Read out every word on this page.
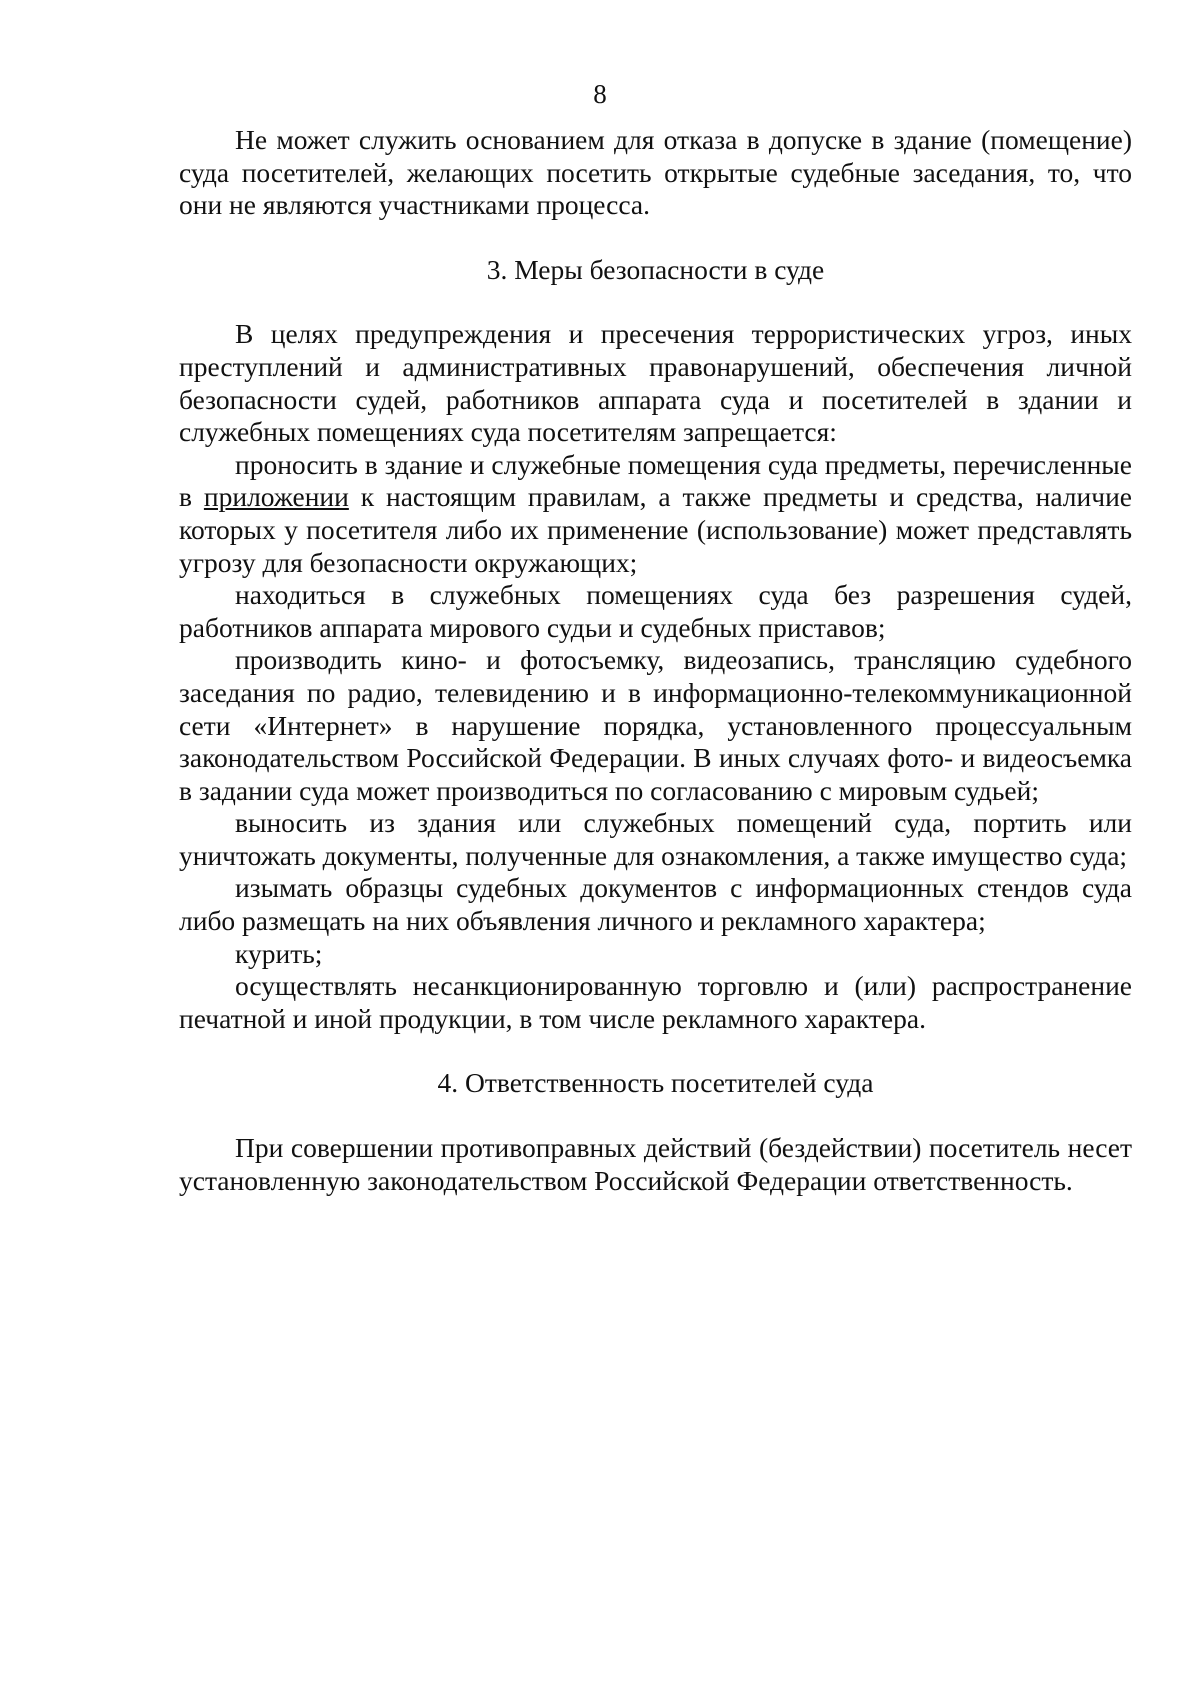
8

Не может служить основанием для отказа в допуске в здание (помещение) суда посетителей, желающих посетить открытые судебные заседания, то, что они не являются участниками процесса.

3. Меры безопасности в суде

В целях предупреждения и пресечения террористических угроз, иных преступлений и административных правонарушений, обеспечения личной безопасности судей, работников аппарата суда и посетителей в здании и служебных помещениях суда посетителям запрещается:

проносить в здание и служебные помещения суда предметы, перечисленные в приложении к настоящим правилам, а также предметы и средства, наличие которых у посетителя либо их применение (использование) может представлять угрозу для безопасности окружающих;

находиться в служебных помещениях суда без разрешения судей, работников аппарата мирового судьи и судебных приставов;

производить кино- и фотосъемку, видеозапись, трансляцию судебного заседания по радио, телевидению и в информационно-телекоммуникационной сети «Интернет» в нарушение порядка, установленного процессуальным законодательством Российской Федерации. В иных случаях фото- и видеосъемка в задании суда может производиться по согласованию с мировым судьей;

выносить из здания или служебных помещений суда, портить или уничтожать документы, полученные для ознакомления, а также имущество суда;

изымать образцы судебных документов с информационных стендов суда либо размещать на них объявления личного и рекламного характера;

курить;

осуществлять несанкционированную торговлю и (или) распространение печатной и иной продукции, в том числе рекламного характера.

4. Ответственность посетителей суда

При совершении противоправных действий (бездействии) посетитель несет установленную законодательством Российской Федерации ответственность.
